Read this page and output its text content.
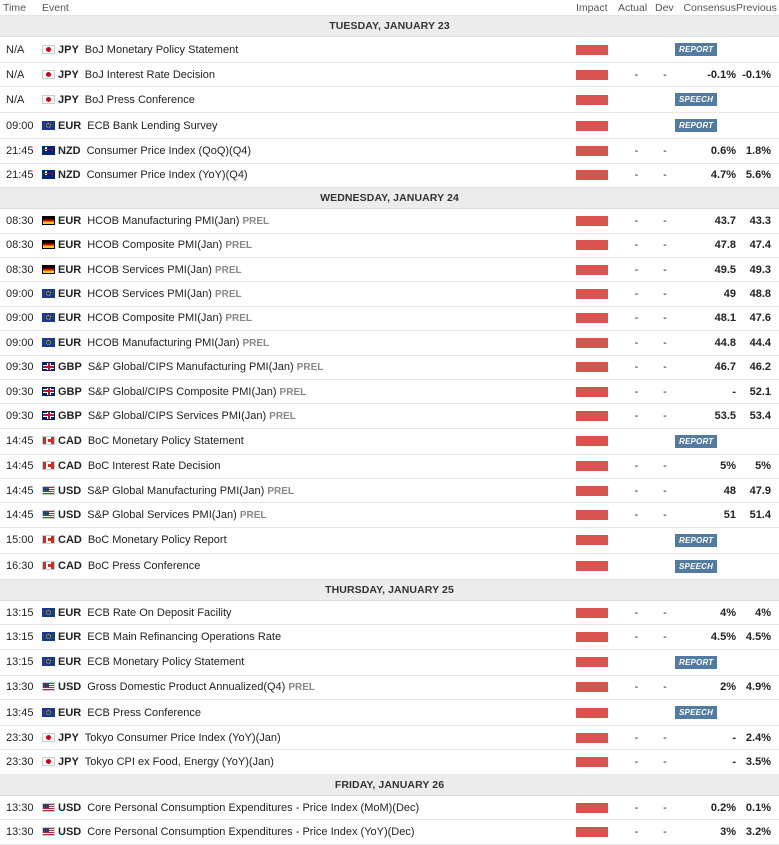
Time	Event	Impact	Actual	Dev	Consensus	Previous
TUESDAY, JANUARY 23						
N/A	JPY BoJ Monetary Policy Statement				REPORT	
N/A	JPY BoJ Interest Rate Decision		-	-	-0.1%	-0.1%
N/A	JPY BoJ Press Conference				SPEECH	
09:00	EUR ECB Bank Lending Survey				REPORT	
21:45	NZD Consumer Price Index (QoQ)(Q4)		-	-	0.6%	1.8%
21:45	NZD Consumer Price Index (YoY)(Q4)		-	-	4.7%	5.6%
WEDNESDAY, JANUARY 24						
08:30	EUR HCOB Manufacturing PMI(Jan) PREL		-	-	43.7	43.3
08:30	EUR HCOB Composite PMI(Jan) PREL		-	-	47.8	47.4
08:30	EUR HCOB Services PMI(Jan) PREL		-	-	49.5	49.3
09:00	EUR HCOB Services PMI(Jan) PREL		-	-	49	48.8
09:00	EUR HCOB Composite PMI(Jan) PREL		-	-	48.1	47.6
09:00	EUR HCOB Manufacturing PMI(Jan) PREL		-	-	44.8	44.4
09:30	GBP S&P Global/CIPS Manufacturing PMI(Jan) PREL		-	-	46.7	46.2
09:30	GBP S&P Global/CIPS Composite PMI(Jan) PREL		-	-	-	52.1
09:30	GBP S&P Global/CIPS Services PMI(Jan) PREL		-	-	53.5	53.4
14:45	CAD BoC Monetary Policy Statement				REPORT	
14:45	CAD BoC Interest Rate Decision		-	-	5%	5%
14:45	USD S&P Global Manufacturing PMI(Jan) PREL		-	-	48	47.9
14:45	USD S&P Global Services PMI(Jan) PREL		-	-	51	51.4
15:00	CAD BoC Monetary Policy Report				REPORT	
16:30	CAD BoC Press Conference				SPEECH	
THURSDAY, JANUARY 25						
13:15	EUR ECB Rate On Deposit Facility		-	-	4%	4%
13:15	EUR ECB Main Refinancing Operations Rate		-	-	4.5%	4.5%
13:15	EUR ECB Monetary Policy Statement				REPORT	
13:30	USD Gross Domestic Product Annualized(Q4) PREL		-	-	2%	4.9%
13:45	EUR ECB Press Conference				SPEECH	
23:30	JPY Tokyo Consumer Price Index (YoY)(Jan)		-	-	-	2.4%
23:30	JPY Tokyo CPI ex Food, Energy (YoY)(Jan)		-	-	-	3.5%
FRIDAY, JANUARY 26						
13:30	USD Core Personal Consumption Expenditures - Price Index (MoM)(Dec)		-	-	0.2%	0.1%
13:30	USD Core Personal Consumption Expenditures - Price Index (YoY)(Dec)		-	-	3%	3.2%
